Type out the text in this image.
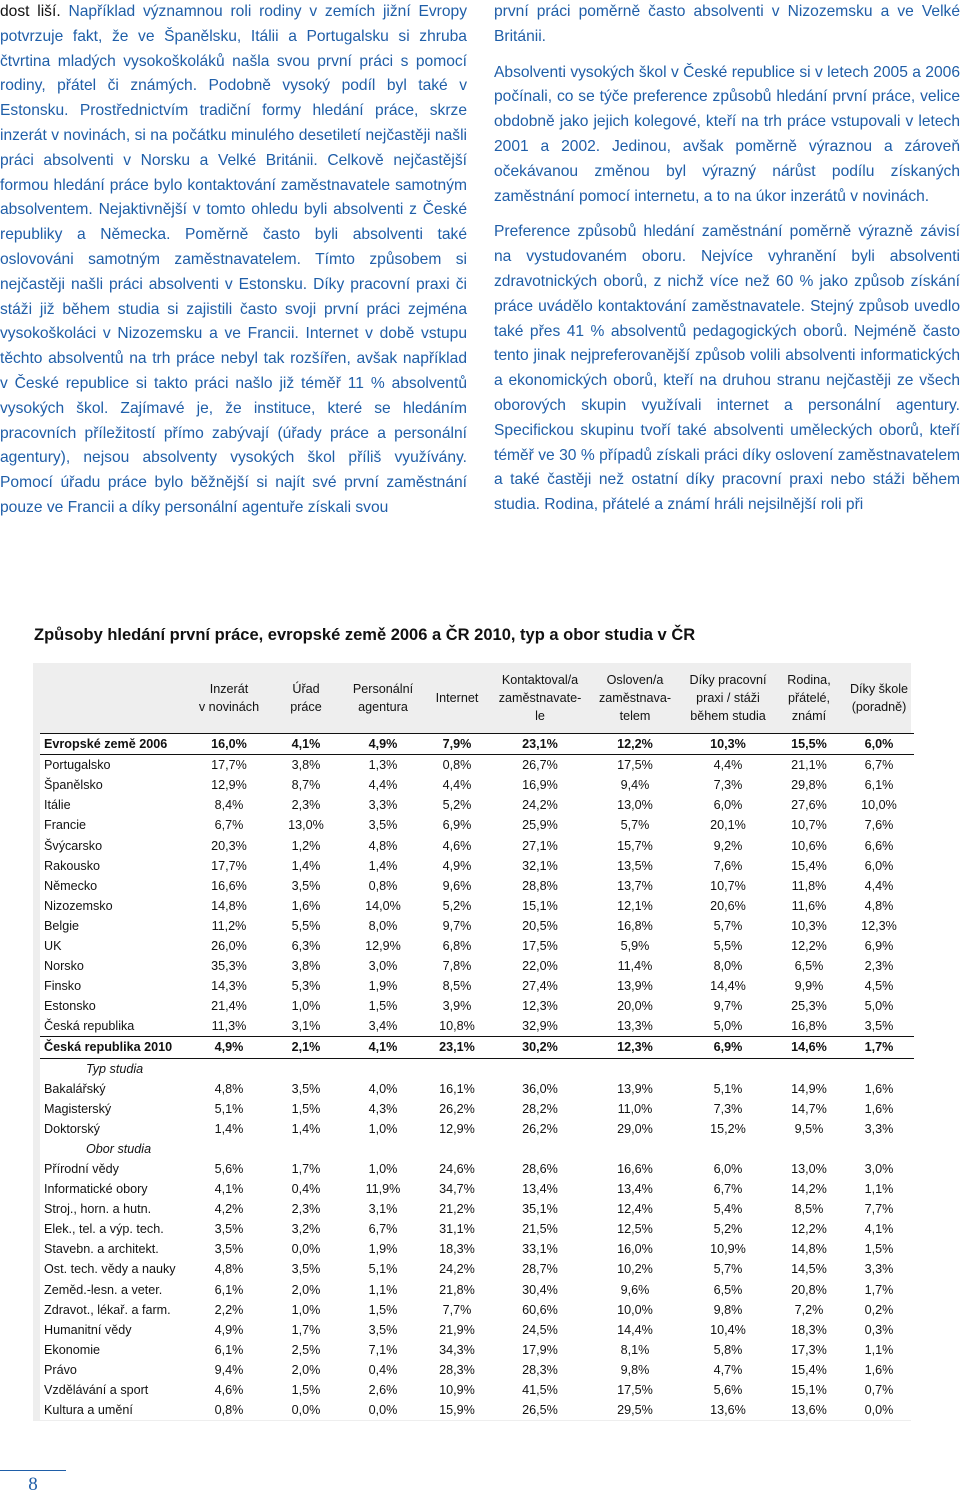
dost liší. Například významnou roli rodiny v zemích jižní Evropy potvrzuje fakt, že ve Španělsku, Itálii a Portugalsku si zhruba čtvrtina mladých vysokoškoláků našla svou první práci s pomocí rodiny, přátel či známých. Podobně vysoký podíl byl také v Estonsku. Prostřednictvím tradiční formy hledání práce, skrze inzerát v novinách, si na počátku minulého desetiletí nejčastěji našli práci absolventi v Norsku a Velké Británii. Celkově nejčastější formou hledání práce bylo kontaktování zaměstnavatele samotným absolventem. Nejaktivnější v tomto ohledu byli absolventi z České republiky a Německa. Poměrně často byli absolventi také oslovováni samotným zaměstnavatelem. Tímto způsobem si nejčastěji našli práci absolventi v Estonsku. Díky pracovní praxi či stáži již během studia si zajistili často svoji první práci zejména vysokoškoláci v Nizozemsku a ve Francii. Internet v době vstupu těchto absolventů na trh práce nebyl tak rozšířen, avšak například v České republice si takto práci našlo již téměř 11 % absolventů vysokých škol. Zajímavé je, že instituce, které se hledáním pracovních příležitostí přímo zabývají (úřady práce a personální agentury), nejsou absolventy vysokých škol příliš využívány. Pomocí úřadu práce bylo běžnější si najít své první zaměstnání pouze ve Francii a díky personální agentuře získali svou

první práci poměrně často absolventi v Nizozemsku a ve Velké Británii.

Absolventi vysokých škol v České republice si v letech 2005 a 2006 počínali, co se týče preference způsobů hledání první práce, velice obdobně jako jejich kolegové, kteří na trh práce vstupovali v letech 2001 a 2002. Jedinou, avšak poměrně výraznou a zároveň očekávanou změnou byl výrazný nárůst podílu získaných zaměstnání pomocí internetu, a to na úkor inzerátů v novinách.

Preference způsobů hledání zaměstnání poměrně výrazně závisí na vystudovaném oboru. Nejvíce vyhranění byli absolventi zdravotnických oborů, z nichž více než 60 % jako způsob získání práce uvádělo kontaktování zaměstnavatele. Stejný způsob uvedlo také přes 41 % absolventů pedagogických oborů. Nejméně často tento jinak nejpreferovanější způsob volili absolventi informatických a ekonomických oborů, kteří na druhou stranu nejčastěji ze všech oborových skupin využívali internet a personální agentury. Specifickou skupinu tvoří také absolventi uměleckých oborů, kteří téměř ve 30 % případů získali práci díky oslovení zaměstnavatelem a také častěji než ostatní díky pracovní praxi nebo stáži během studia. Rodina, přátelé a známí hráli nejsilnější roli při

Způsoby hledání první práce, evropské země 2006 a ČR 2010, typ a obor studia v ČR
	Inzerát
v novinách	Úřad
práce	Personální
agentura	Internet	Kontaktoval/a
zaměstnavate-
le	Osloven/a
zaměstnava-
telem	Díky pracovní
praxi / stáži
během studia	Rodina,
přátelé,
známí	Díky škole
(poradně)
Evropské země 2006	16,0%	4,1%	4,9%	7,9%	23,1%	12,2%	10,3%	15,5%	6,0%
Portugalsko	17,7%	3,8%	1,3%	0,8%	26,7%	17,5%	4,4%	21,1%	6,7%
Španělsko	12,9%	8,7%	4,4%	4,4%	16,9%	9,4%	7,3%	29,8%	6,1%
Itálie	8,4%	2,3%	3,3%	5,2%	24,2%	13,0%	6,0%	27,6%	10,0%
Francie	6,7%	13,0%	3,5%	6,9%	25,9%	5,7%	20,1%	10,7%	7,6%
Švýcarsko	20,3%	1,2%	4,8%	4,6%	27,1%	15,7%	9,2%	10,6%	6,6%
Rakousko	17,7%	1,4%	1,4%	4,9%	32,1%	13,5%	7,6%	15,4%	6,0%
Německo	16,6%	3,5%	0,8%	9,6%	28,8%	13,7%	10,7%	11,8%	4,4%
Nizozemsko	14,8%	1,6%	14,0%	5,2%	15,1%	12,1%	20,6%	11,6%	4,8%
Belgie	11,2%	5,5%	8,0%	9,7%	20,5%	16,8%	5,7%	10,3%	12,3%
UK	26,0%	6,3%	12,9%	6,8%	17,5%	5,9%	5,5%	12,2%	6,9%
Norsko	35,3%	3,8%	3,0%	7,8%	22,0%	11,4%	8,0%	6,5%	2,3%
Finsko	14,3%	5,3%	1,9%	8,5%	27,4%	13,9%	14,4%	9,9%	4,5%
Estonsko	21,4%	1,0%	1,5%	3,9%	12,3%	20,0%	9,7%	25,3%	5,0%
Česká republika	11,3%	3,1%	3,4%	10,8%	32,9%	13,3%	5,0%	16,8%	3,5%
Česká republika 2010	4,9%	2,1%	4,1%	23,1%	30,2%	12,3%	6,9%	14,6%	1,7%
Typ studia									
Bakalářský	4,8%	3,5%	4,0%	16,1%	36,0%	13,9%	5,1%	14,9%	1,6%
Magisterský	5,1%	1,5%	4,3%	26,2%	28,2%	11,0%	7,3%	14,7%	1,6%
Doktorský	1,4%	1,4%	1,0%	12,9%	26,2%	29,0%	15,2%	9,5%	3,3%
Obor studia									
Přírodní vědy	5,6%	1,7%	1,0%	24,6%	28,6%	16,6%	6,0%	13,0%	3,0%
Informatické obory	4,1%	0,4%	11,9%	34,7%	13,4%	13,4%	6,7%	14,2%	1,1%
Stroj., horn. a hutn.	4,2%	2,3%	3,1%	21,2%	35,1%	12,4%	5,4%	8,5%	7,7%
Elek., tel. a výp. tech.	3,5%	3,2%	6,7%	31,1%	21,5%	12,5%	5,2%	12,2%	4,1%
Stavebn. a architekt.	3,5%	0,0%	1,9%	18,3%	33,1%	16,0%	10,9%	14,8%	1,5%
Ost. tech. vědy a nauky	4,8%	3,5%	5,1%	24,2%	28,7%	10,2%	5,7%	14,5%	3,3%
Zeměd.-lesn. a veter.	6,1%	2,0%	1,1%	21,8%	30,4%	9,6%	6,5%	20,8%	1,7%
Zdravot., lékař. a farm.	2,2%	1,0%	1,5%	7,7%	60,6%	10,0%	9,8%	7,2%	0,2%
Humanitní vědy	4,9%	1,7%	3,5%	21,9%	24,5%	14,4%	10,4%	18,3%	0,3%
Ekonomie	6,1%	2,5%	7,1%	34,3%	17,9%	8,1%	5,8%	17,3%	1,1%
Právo	9,4%	2,0%	0,4%	28,3%	28,3%	9,8%	4,7%	15,4%	1,6%
Vzdělávání a sport	4,6%	1,5%	2,6%	10,9%	41,5%	17,5%	5,6%	15,1%	0,7%
Kultura a umění	0,8%	0,0%	0,0%	15,9%	26,5%	29,5%	13,6%	13,6%	0,0%
8
